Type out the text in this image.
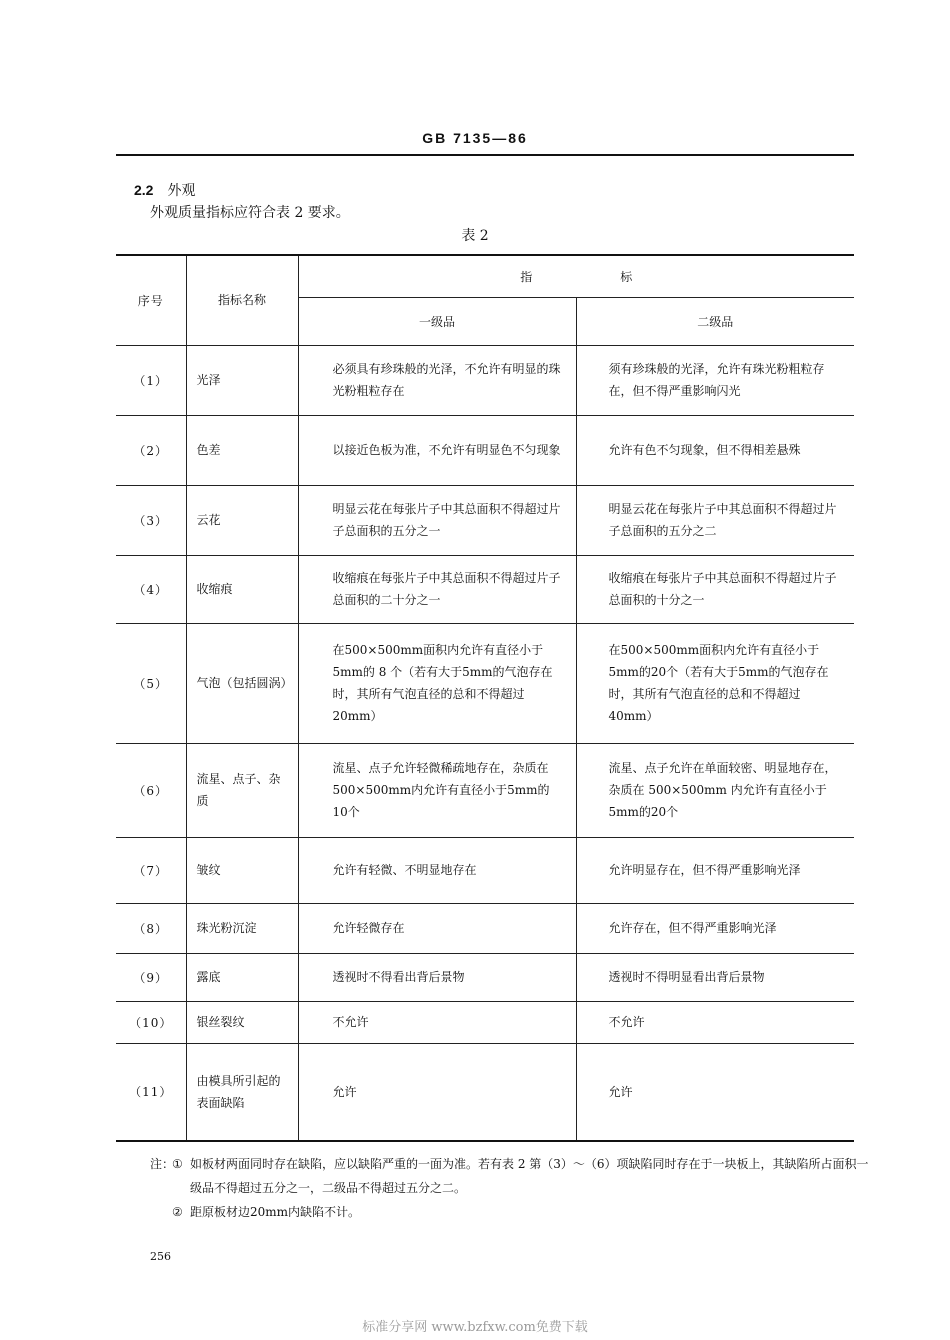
GB 7135—86
2.2 外观
外观质量指标应符合表 2 要求。
表 2
序号	指标名称	指 标	
		一级品	二级品
（1）	光泽	必须具有珍珠般的光泽，不允许有明显的珠光粉粗粒存在	须有珍珠般的光泽，允许有珠光粉粗粒存在，但不得严重影响闪光
（2）	色差	以接近色板为准，不允许有明显色不匀现象	允许有色不匀现象，但不得相差悬殊
（3）	云花	明显云花在每张片子中其总面积不得超过片子总面积的五分之一	明显云花在每张片子中其总面积不得超过片子总面积的五分之二
（4）	收缩痕	收缩痕在每张片子中其总面积不得超过片子总面积的二十分之一	收缩痕在每张片子中其总面积不得超过片子总面积的十分之一
（5）	气泡（包括圆涡）	在500×500mm面积内允许有直径小于5mm的 8 个（若有大于5mm的气泡存在时，其所有气泡直径的总和不得超过20mm）	在500×500mm面积内允许有直径小于5mm的20个（若有大于5mm的气泡存在时，其所有气泡直径的总和不得超过40mm）
（6）	流星、点子、杂质	流星、点子允许轻微稀疏地存在，杂质在500×500mm内允许有直径小于5mm的10个	流星、点子允许在单面较密、明显地存在，杂质在 500×500mm 内允许有直径小于5mm的20个
（7）	皱纹	允许有轻微、不明显地存在	允许明显存在，但不得严重影响光泽
（8）	珠光粉沉淀	允许轻微存在	允许存在，但不得严重影响光泽
（9）	露底	透视时不得看出背后景物	透视时不得明显看出背后景物
（10）	银丝裂纹	不允许	不允许
（11）	由模具所引起的表面缺陷	允许	允许
注：
① 如板材两面同时存在缺陷，应以缺陷严重的一面为准。若有表 2 第（3）～（6）项缺陷同时存在于一块板上，其缺陷所占面积一级品不得超过五分之一，二级品不得超过五分之二。
② 距原板材边20mm内缺陷不计。
256
标准分享网 www.bzfxw.com免费下载
